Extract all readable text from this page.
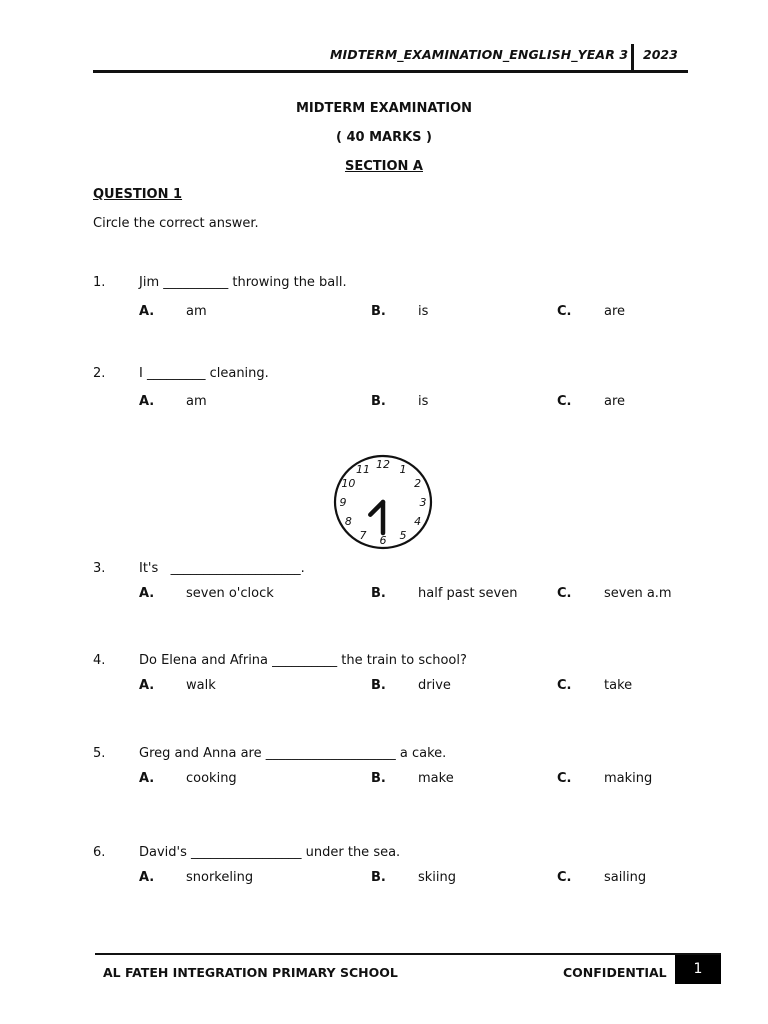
MIDTERM_EXAMINATION_ENGLISH_YEAR 3 2023
MIDTERM EXAMINATION
( 40 MARKS )
SECTION A
QUESTION 1
Circle the correct answer.
1.	Jim __________ throwing the ball.
A. am	B. is	C.	are
2.	I _________ cleaning.
A. am	B. is	C.	are
12 1
2
3
4
5
6
7
8
9
10
11
3.	It's   ____________________.
A. seven o'clock	B. half past seven	C.	seven a.m
4.	Do Elena and Afrina __________ the train to school?
A. walk	B. drive	C.	take
5.	Greg and Anna are ____________________ a cake.
A. cooking	B. make	C.	making
6.	David's _________________ under the sea.
A. snorkeling	B. skiing	C.	sailing
AL FATEH INTEGRATION PRIMARY SCHOOL	CONFIDENTIAL	1
